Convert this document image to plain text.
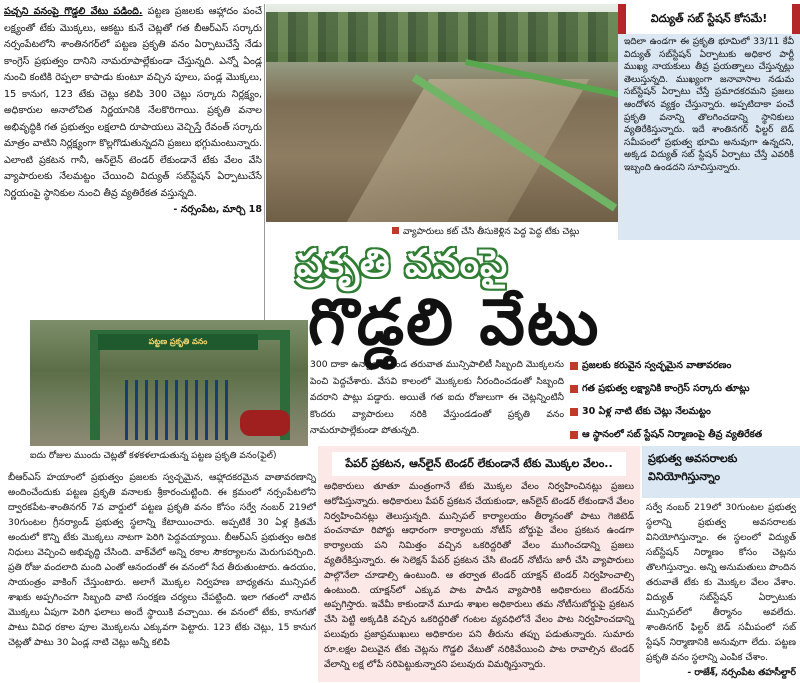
పచ్చని వనంపై గొడ్డలి వేటు పడింది. పట్టణ ప్రజలకు ఆహ్లాదం పంచే లక్ష్యంతో టేకు మొక్కలు, ఆకట్టు కునే చెట్లతో గత బీఆర్ఎస్ సర్కారు నర్సంపేటలోని శాంతినగర్‌లో పట్టణ ప్రకృతి వనం ఏర్పాటుచేస్తే నేడు కాంగ్రెస్ ప్రభుత్వం దానిని నామరూపాల్లేకుండా చేస్తున్నది. ఎన్నో ఏండ్ల నుంచి కంటికి రెప్పలా కాపాడు కుంటూ వచ్చిన పూలు, పండ్ల మొక్కలు, 15 కానుగ, 123 టేకు చెట్లు కలిపి 300 చెట్లు సర్కారు నిర్లక్ష్యం, అధికారుల అనాలోచిత నిర్ణయానికి నేలకొరిగాయి. ప్రకృతి వనాల అభివృద్ధికి గత ప్రభుత్వం లక్షలాది రూపాయలు వెచ్చిస్తే రేవంత్ సర్కారు మాత్రం వాటిని నిర్లక్ష్యంగా కొల్లగొడుతున్నదని ప్రజలు భగ్గుమంటున్నారు. ఎలాంటి ప్రకటన గానీ, ఆన్‌లైన్ టెండర్ లేకుండానే టేకు వేలం వేసి వ్యాపారులకు నేలమట్టం చేయించి విద్యుత్ సబ్‌స్టేషన్ ఏర్పాటుచేసే నిర్ణయంపై స్థానికుల నుంచి తీవ్ర వ్యతిరేకత వస్తున్నది.
- నర్సంపేట, మార్చి 18

వ్యాపారులు కట్ చేసి తీసుకెళ్లిన పెద్ద పెద్ద టేకు చెట్లు
విద్యుత్ సబ్ స్టేషన్ కోసమే!

ఇదిలా ఉండగా ఈ ప్రకృతి భూమిలో 33/11 కేవీ విద్యుత్ సబ్‌స్టేషన్ ఏర్పాటుకు అధికార పార్టీ ముఖ్య నాయకులు తీవ్ర ప్రయత్నాలు చేస్తున్నట్లు తెలుస్తున్నది. ముఖ్యంగా జనావాసాల నడుమ సబ్‌స్టేషన్ ఏర్పాటు చేస్తే ప్రమాదకరమని ప్రజలు ఆందోళన వ్యక్తం చేస్తున్నారు. అప్పటిదాకా పంచే ప్రకృతి వనాన్ని తొలగించడాన్ని స్థానికులు వ్యతిరేకిస్తున్నారు. ఇదే శాంతినగర్ ఫిల్టర్ బెడ్ సమీపంలో ప్రభుత్వ భూమి అనువుగా ఉన్నదని, అక్కడ విద్యుత్ సబ్ స్టేషన్ ఏర్పాటు చేస్తే ఎవరికీ ఇబ్బంది ఉండదని సూచిస్తున్నారు.

ప్రకృతి వనంపై
గొడ్డలి వేటు
పట్టణ ప్రకృతి వనం
ఐదు రోజుల ముందు చెట్లతో కళకళలాడుతున్న పట్టణ ప్రకృతి వనం(ఫైల్)

300 దాకా ఉన్నాయి. ఎండ తరువాత మున్సిపాలిటీ సిబ్బంది మొక్కలను పెంచి పెద్దచేశారు. వేసవి కాలంలో మొక్కలకు నీరందించడంతో సిబ్బంది వదరాని పాట్లు పడ్డారు. అయితే గత ఐదు రోజులుగా ఈ చెట్లన్నింటినీ కొందరు వ్యాపారులు నరికి వేస్తుండడంతో ప్రకృతి వనం నామరూపాల్లేకుండా పోతున్నది.

ప్రజలకు కరువైన స్వచ్ఛమైన వాతావరణం
గత ప్రభుత్వ లక్ష్యానికి కాంగ్రెస్ సర్కారు తూట్లు
30 ఏళ్ల నాటి టేకు చెట్లు నేలమట్టం
ఆ స్థానంలో సబ్ స్టేషన్ నిర్మాణంపై తీవ్ర వ్యతిరేకత

బీఆర్ఎస్ హయాంలో ప్రభుత్వం ప్రజలకు స్వచ్ఛమైన, ఆహ్లాదకరమైన వాతావరణాన్ని అందించేందుకు పట్టణ ప్రకృతి వనాలకు శ్రీకారంచుట్టింది. ఈ క్రమంలో నర్సంపేటలోని ద్వారకపేట-శాంతినగర్ 7వ వార్డులో పట్టణ ప్రకృతి వనం కోసం సర్వే నంబర్ 219లో 30గుంటల గ్రీనర్యాండ్ ప్రభుత్వ స్థలాన్ని కేటాయించారు. అప్పటికే 30 ఏళ్ల క్రితమే అందులో కొన్ని టేకు మొక్కలు నాటగా పెరిగి పెద్దవయ్యాయి. బీఆర్ఎస్ ప్రభుత్వం అదిక నిధులు వెచ్చించి అభివృద్ధి చేసింది. వాక్‌వేలో అన్ని రకాల సౌకర్యాలను మెరుగుపర్చింది. ప్రతి రోజు వందలాది మంది ఎంతో ఆనందంతో ఈ వనంలో సేద తీరుతుంటారు. ఉదయం, సాయంత్రం వాకింగ్ చేస్తుంటారు. అలాగే మొక్కల నిర్వహణ బాధ్యతను మున్సిపల్ శాఖకు అప్పగించగా సిబ్బంది వాటి సంరక్షణ చర్యలు చేపట్టింది. ఇలా గతంలో నాటిన మొక్కలు ఏపుగా పెరిగి ఫలాలు అందే స్థాయికి వచ్చాయి. ఈ వనంలో టేకు, కానుగతో పాటు వివిధ రకాల పూల మొక్కలను ఎక్కువగా పెట్టారు. 123 టేకు చెట్లు, 15 కానుగ చెట్లతో పాటు 30 ఏండ్ల నాటి చెట్లు అన్నీ కలిపి

పేపర్ ప్రకటన, ఆన్‌లైన్ టెండర్ లేకుండానే టేకు మొక్కల వేలం..

అధికారులు తూతూ మంత్రంగానే టేకు మొక్కల వేలం నిర్వహించినట్లు ప్రజలు ఆరోపిస్తున్నారు. అధికారులు పేపర్ ప్రకటన చేయకుండా, ఆన్‌లైన్ టెండర్ లేకుండానే వేలం నిర్వహించినట్లు తెలుస్తున్నది. మున్సిపల్ కార్యాలయం తీర్మానంతో పాటు గెజిటెడ్ పంచనామా రిపోర్టు ఆధారంగా కార్యాలయ నోటీస్ బోర్డుపై వేలం ప్రకటన ఉండగా కార్యాలయ పని నిమిత్తం వచ్చిన ఒకరిద్దరితో వేలం ముగించడాన్ని ప్రజలు వ్యతిరేకిస్తున్నారు. ఈ సెలెక్షన్ పేపర్ ప్రకటన చేసి టెండర్ నోటీసు జారీ చేసి వ్యాపారులు పాల్గొనేలా చూడాల్సి ఉంటుంది. ఆ తర్వాత టెండర్ యాక్షన్ టెండర్ నిర్వహించాల్సి ఉంటుంది. యాక్షన్‌లో ఎక్కువ పాట పాడిన వ్యాపారికి అధికారులు టెండర్‌ను అప్పగిస్తారు. ఇవేమీ కాకుండానే మూడు శాఖల అధికారులు తమ నోటీసుబోర్డుపై ప్రకటన చేసి పెట్టి అక్కడికి వచ్చిన ఒకరిద్దరితో గంటల వ్యవధిలోనే వేలం పాట నిర్వహించడాన్ని పలువురు ప్రజాప్రముఖులు అధికారుల పని తీరును తప్పు పడుతున్నారు. సుమారు రూ.లక్షల విలువైన టేకు చెట్లను గొడ్డలి వేటుతో నరికివేయించి పాట రావాల్సిన టెండర్ వేలాన్ని లక్ష లోపే సరిపెట్టుకున్నారని పలువురు విమర్శిస్తున్నారు.

ప్రభుత్వ అవసరాలకు వినియోగిస్తున్నాం

సర్వే నంబర్ 219లో 30గుంటల ప్రభుత్వ స్థలాన్ని ప్రభుత్వ అవసరాలకు వినియోగిస్తున్నాం. ఈ స్థలంలో విద్యుత్ సబ్‌స్టేషన్ నిర్మాణం కోసం చెట్లను తొలగిస్తున్నాం. అన్ని అనుమతులు పొందిన తరువాతే టేకు కు మొక్కల వేలం వేశాం. విద్యుత్ సబ్‌స్టేషన్ ఏర్పాటుకు మున్సిపల్‌లో తీర్మానం అవలేదు. శాంతినగర్ ఫిల్టర్ బెడ్ సమీపంలో సబ్ స్టేషన్ నిర్మాణానికి అనువుగా లేదు. పట్టణ ప్రకృతి వనం స్థలాన్ని ఎంపిక చేశాం.
- రాజేశ్, నర్సంపేట తహసీల్దార్
